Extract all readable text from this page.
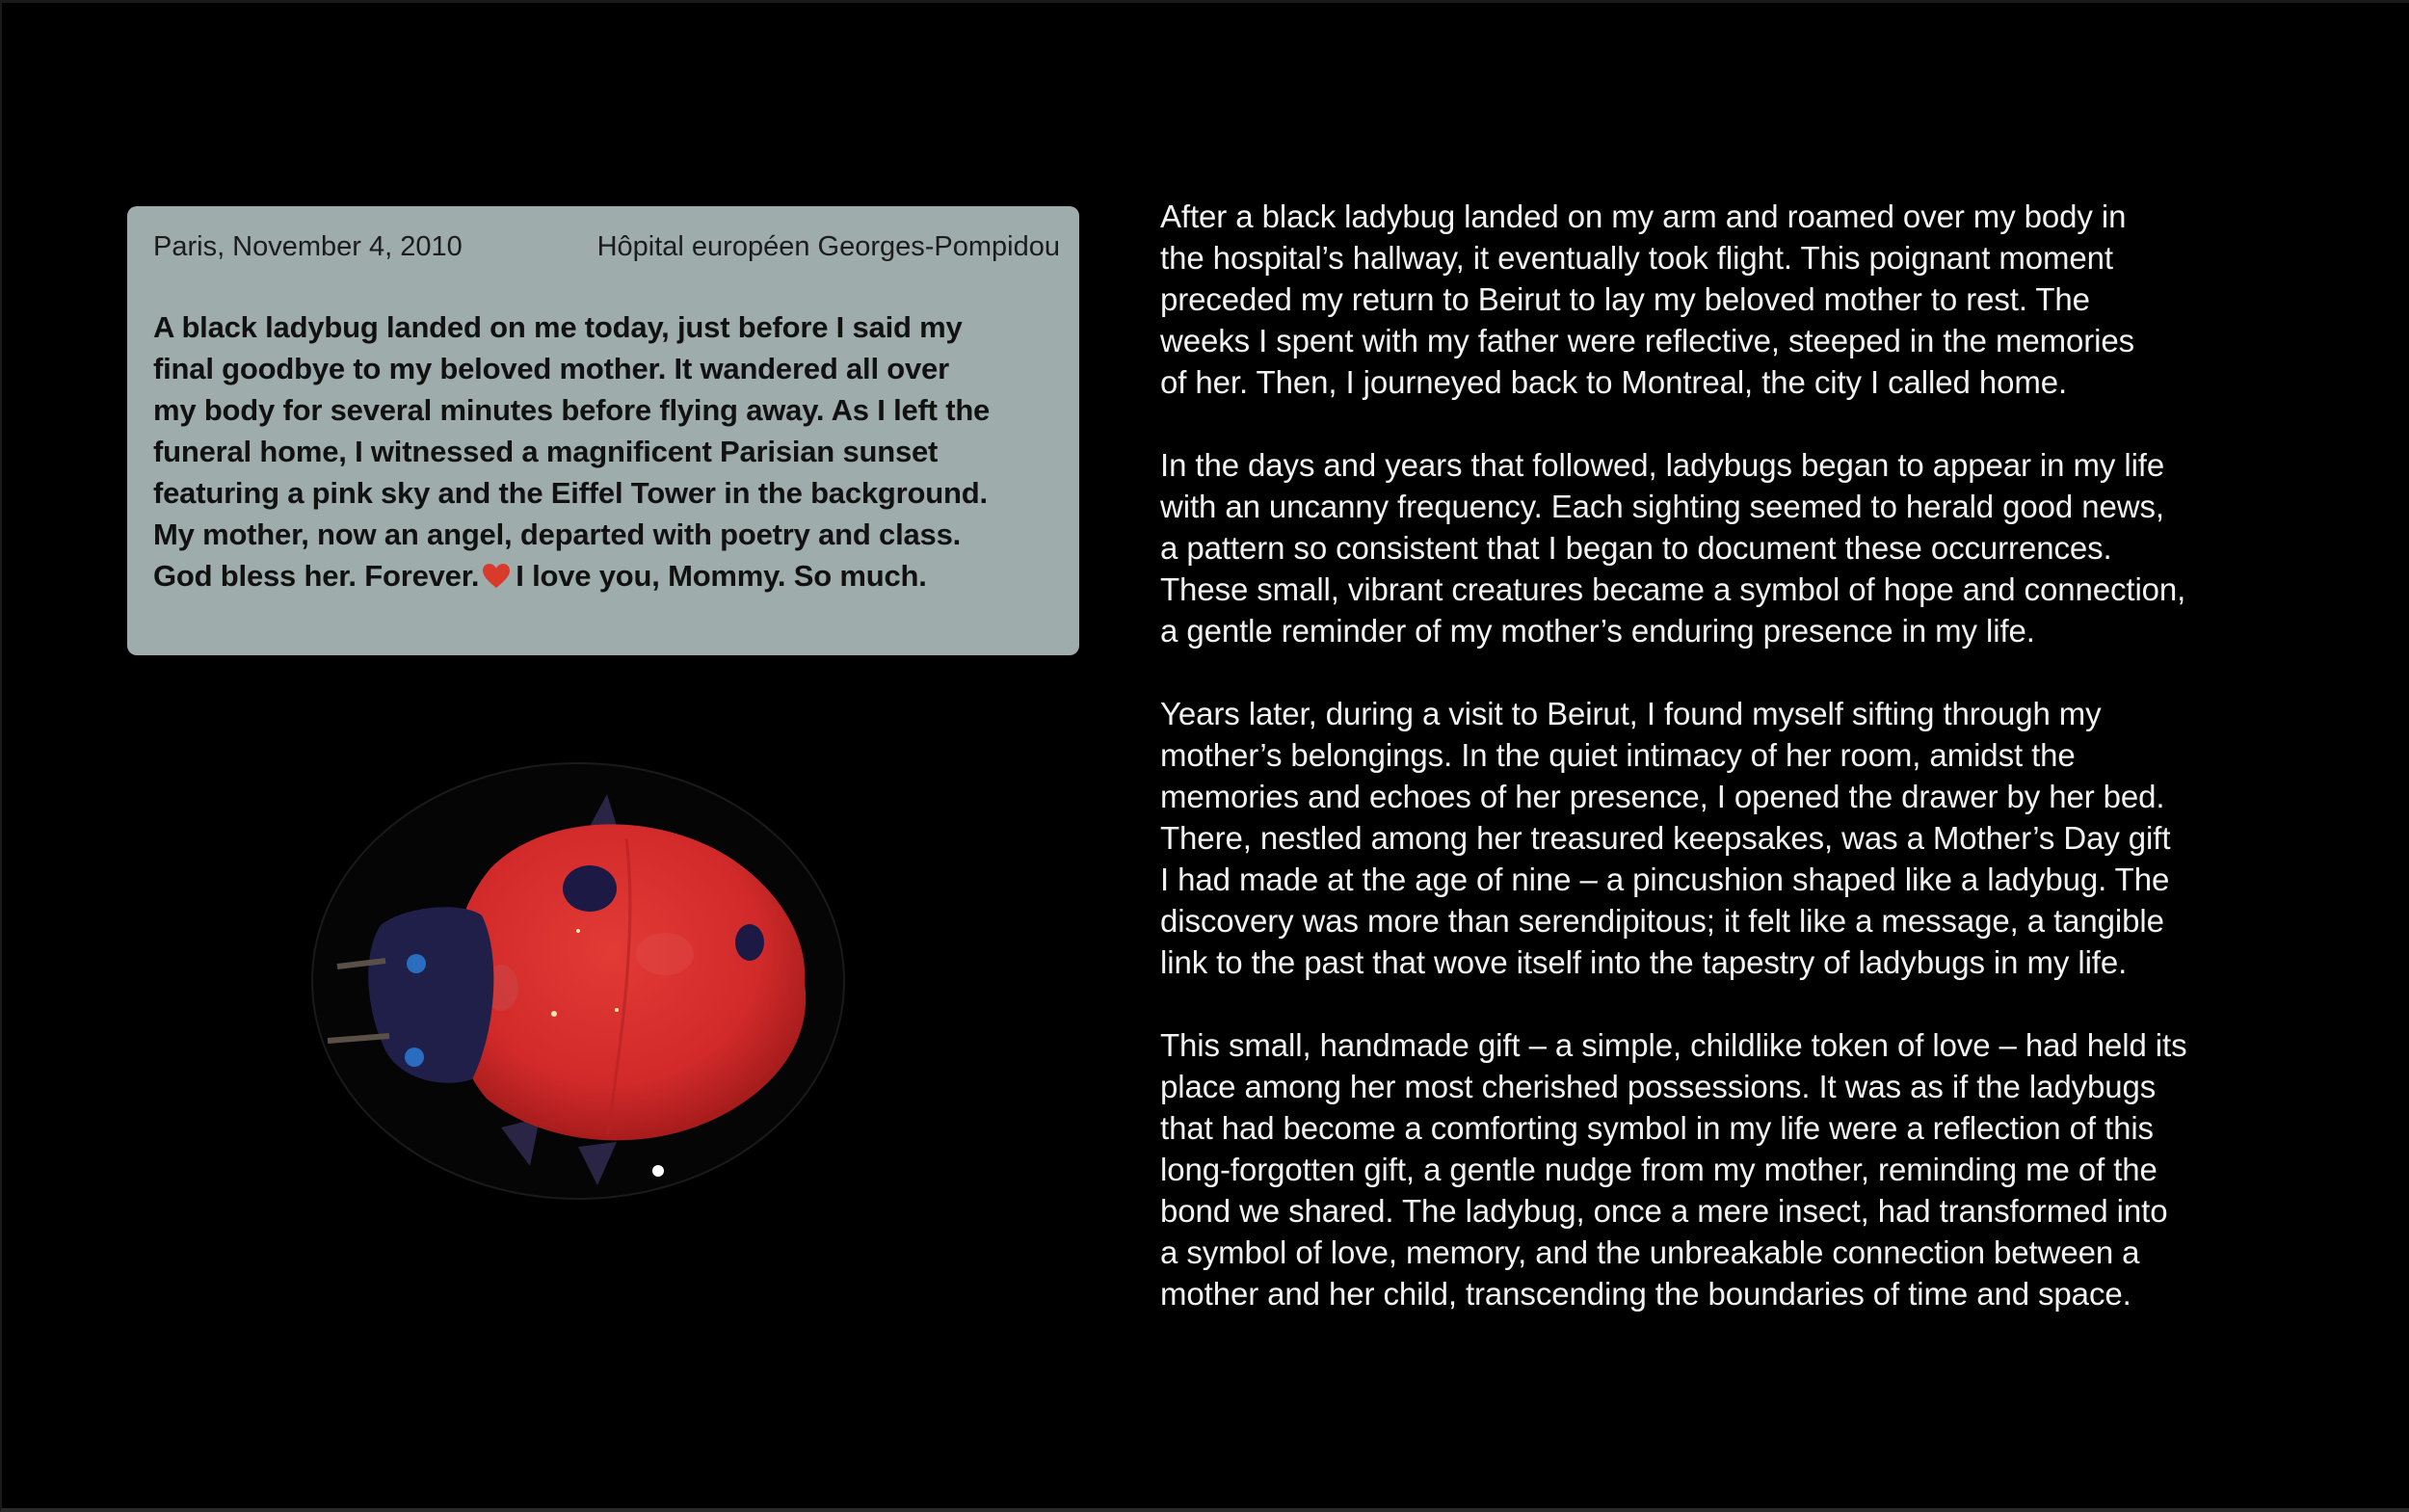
Paris, November 4, 2010	Hôpital européen Georges-Pompidou
A black ladybug landed on me today, just before I said my
final goodbye to my beloved mother. It wandered all over
my body for several minutes before flying away. As I left the
funeral home, I witnessed a magnificent Parisian sunset
featuring a pink sky and the Eiffel Tower in the background.
My mother, now an angel, departed with poetry and class.
God bless her. Forever. I love you, Mommy. So much.

After a black ladybug landed on my arm and roamed over my body in
the hospital’s hallway, it eventually took flight. This poignant moment
preceded my return to Beirut to lay my beloved mother to rest. The
weeks I spent with my father were reflective, steeped in the memories
of her. Then, I journeyed back to Montreal, the city I called home.

In the days and years that followed, ladybugs began to appear in my life
with an uncanny frequency. Each sighting seemed to herald good news,
a pattern so consistent that I began to document these occurrences.
These small, vibrant creatures became a symbol of hope and connection,
a gentle reminder of my mother’s enduring presence in my life.

Years later, during a visit to Beirut, I found myself sifting through my
mother’s belongings. In the quiet intimacy of her room, amidst the
memories and echoes of her presence, I opened the drawer by her bed.
There, nestled among her treasured keepsakes, was a Mother’s Day gift
I had made at the age of nine – a pincushion shaped like a ladybug. The
discovery was more than serendipitous; it felt like a message, a tangible
link to the past that wove itself into the tapestry of ladybugs in my life.

This small, handmade gift – a simple, childlike token of love – had held its
place among her most cherished possessions. It was as if the ladybugs
that had become a comforting symbol in my life were a reflection of this
long-forgotten gift, a gentle nudge from my mother, reminding me of the
bond we shared. The ladybug, once a mere insect, had transformed into
a symbol of love, memory, and the unbreakable connection between a
mother and her child, transcending the boundaries of time and space.
